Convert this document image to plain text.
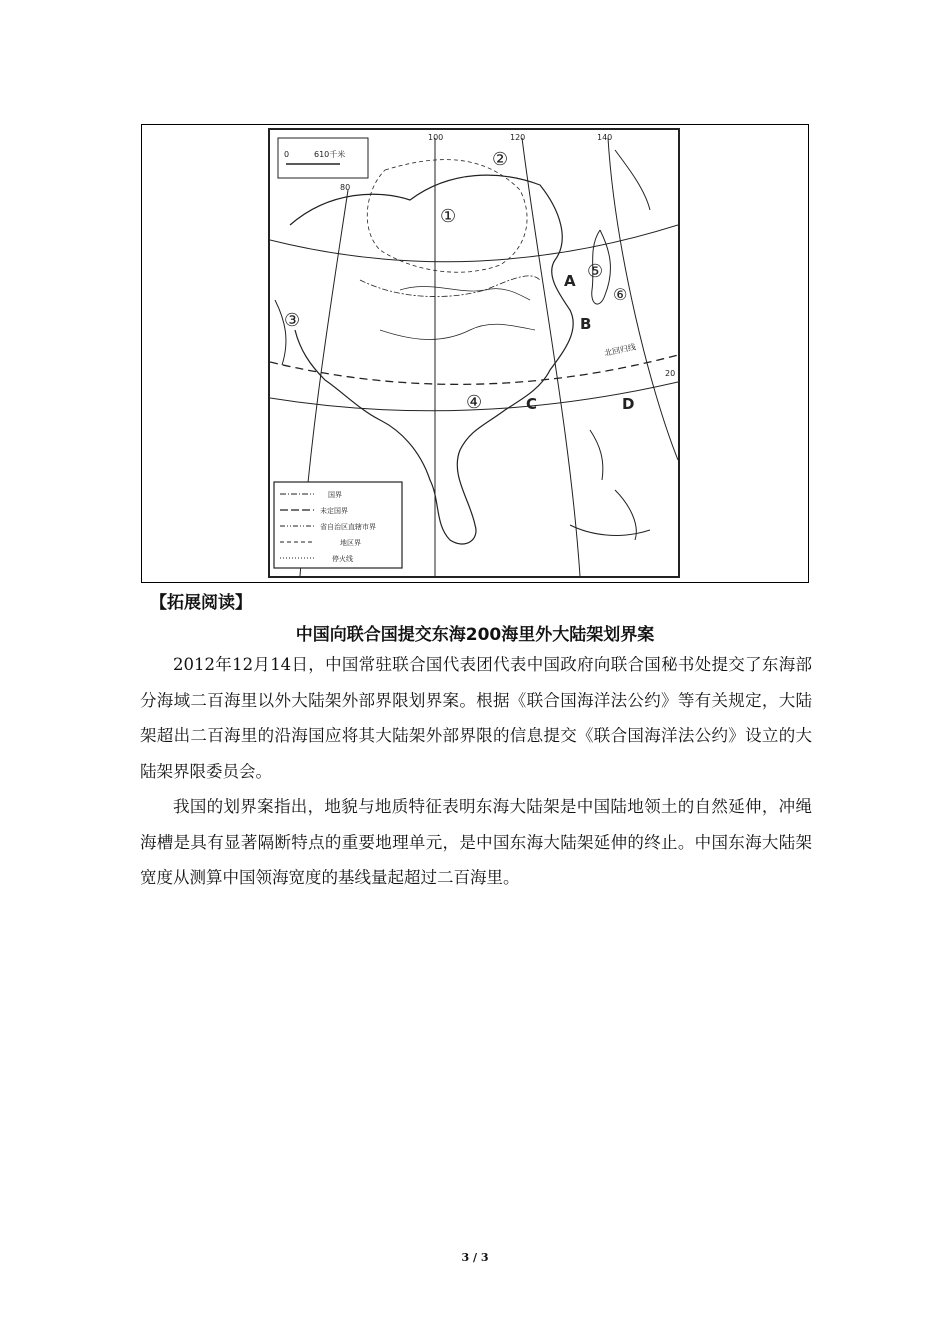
0	610千米
100	120	140
80
20
北回归线
①
②
③
④
⑤
⑥
A
B
C	D
国界
未定国界
省自治区直辖市界
地区界
停火线
【拓展阅读】
中国向联合国提交东海200海里外大陆架划界案

2012年12月14日，中国常驻联合国代表团代表中国政府向联合国秘书处提交了东海部分海域二百海里以外大陆架外部界限划界案。根据《联合国海洋法公约》等有关规定，大陆架超出二百海里的沿海国应将其大陆架外部界限的信息提交《联合国海洋法公约》设立的大陆架界限委员会。

我国的划界案指出，地貌与地质特征表明东海大陆架是中国陆地领土的自然延伸，冲绳海槽是具有显著隔断特点的重要地理单元，是中国东海大陆架延伸的终止。中国东海大陆架宽度从测算中国领海宽度的基线量起超过二百海里。

3 / 3
